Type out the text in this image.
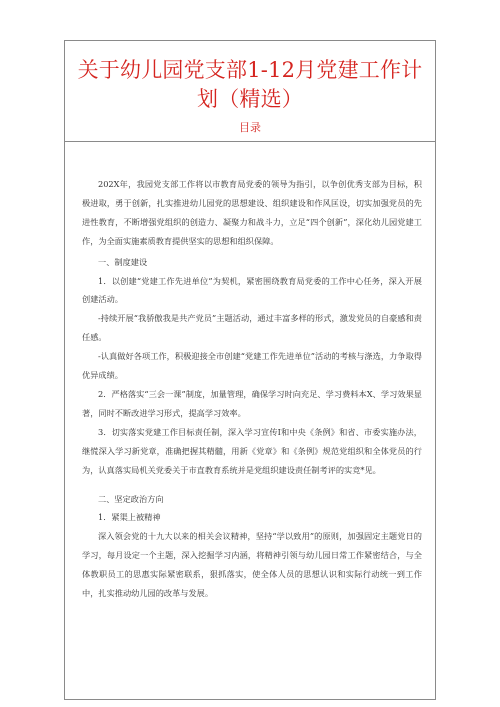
关于幼儿园党支部1-12月党建工作计
划（精选）
目录

202X年，我园党支部工作将以市教育局党委的领导为指引，以争创优秀支部为目标，积极进取，勇于创新，扎实推进幼儿园党的思想建设、组织建设和作风匡设，切实加强党员的先进性教育，不断增强党组织的创造力、凝聚力和战斗力，立足“四个创新”，深化幼儿园党建工作，为全面实施素质教育提供坚实的思想和组织保障。

一、制度建设

1．以创建“党建工作先进单位”为契机，紧密围绕教育局党委的工作中心任务，深入开展创建活动。

-持续开展“我骄傲我是共产党员”主题活动，通过丰富多样的形式，激发党员的自豪感和责任感。

-认真做好各项工作，积极迎接全市创建“党建工作先进单位”活动的考核与涤选，力争取得优异成绩。

2．严格落实“三会一课”制度，加量管理，确保学习时向充足、学习费料本X、学习效果显著，同时不断改进学习形式，提高学习效率。

3．切实落实党建工作目标责任制，深入学习宣传I和中央《条例》和省、市委实施办法，继慌深入学习新党章，准确把握其精髓，用新《党章》和《条例》规范党组织和全体党员的行为，认真落实局机关党委关于市直教育系统并是党组织建设责任制考评的实竞*见。

二、坚定政治方向

1．紧渠上被精神

深入领会党的十九大以来的相关会议精神，坚持“学以致用”的原则，加强固定主题党日的学习，每月设定一个主题，深入挖掘学习内涵，将精神引领与幼儿园日常工作紧密结合，与全体教职员工的思惠实际紧密联系，狠抓落实，使全体人员的思想认识和实际行动统一到工作中，扎实推动幼儿园的改革与发展。
